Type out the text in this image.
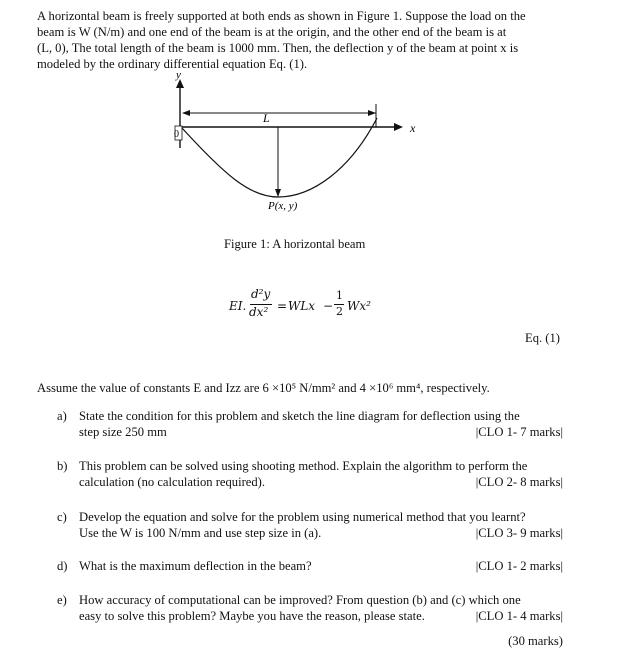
A horizontal beam is freely supported at both ends as shown in Figure 1. Suppose the load on the
beam is W (N/m) and one end of the beam is at the origin, and the other end of the beam is at
(L, 0), The total length of the beam is 1000 mm. Then, the deflection y of the beam at point x is
modeled by the ordinary differential equation Eq. (1).
y
x
0
L
P(x, y)
Figure 1: A horizontal beam
EI.
d²y
dx² = WLx −
1
2 Wx²
Eq. (1)
Assume the value of constants E and Izz are 6 ×10⁵ N/mm² and 4 ×10⁶ mm⁴, respectively.
a) State the condition for this problem and sketch the line diagram for deflection using the
step size 250 mm	|CLO 1- 7 marks|
b) This problem can be solved using shooting method. Explain the algorithm to perform the
calculation (no calculation required).	|CLO 2- 8 marks|
c) Develop the equation and solve for the problem using numerical method that you learnt?
Use the W is 100 N/mm and use step size in (a).	|CLO 3- 9 marks|
d) What is the maximum deflection in the beam?	|CLO 1- 2 marks|
e) How accuracy of computational can be improved? From question (b) and (c) which one
easy to solve this problem? Maybe you have the reason, please state.	|CLO 1- 4 marks|
(30 marks)
